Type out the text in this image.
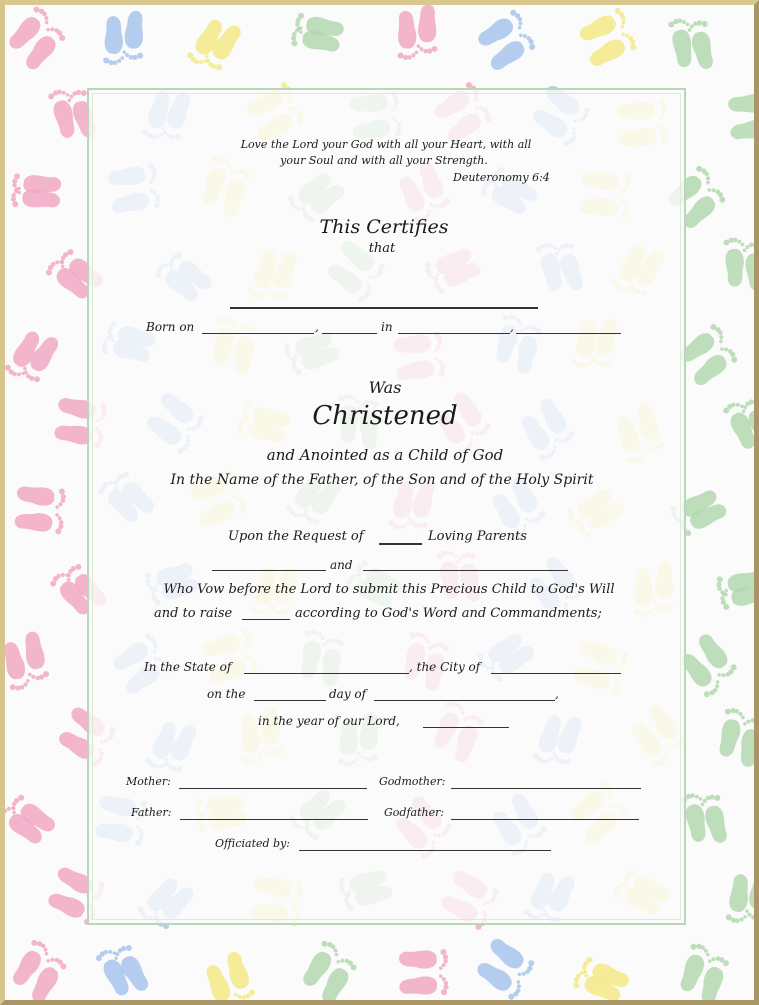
Love the Lord your God with all your Heart, with all
your Soul and with all your Strength.
Deuteronomy 6:4
This Certifies
that
Born on	,	in	,
Was
Christened
and Anointed as a Child of God
In the Name of the Father, of the Son and of the Holy Spirit
Upon the Request of	Loving Parents
and
Who Vow before the Lord to submit this Precious Child to God's Will
and to raise	according to God's Word and Commandments;
In the State of	, the City of
on the	day of	,
in the year of our Lord,
Mother:	Godmother:
Father:	Godfather:
Officiated by:
